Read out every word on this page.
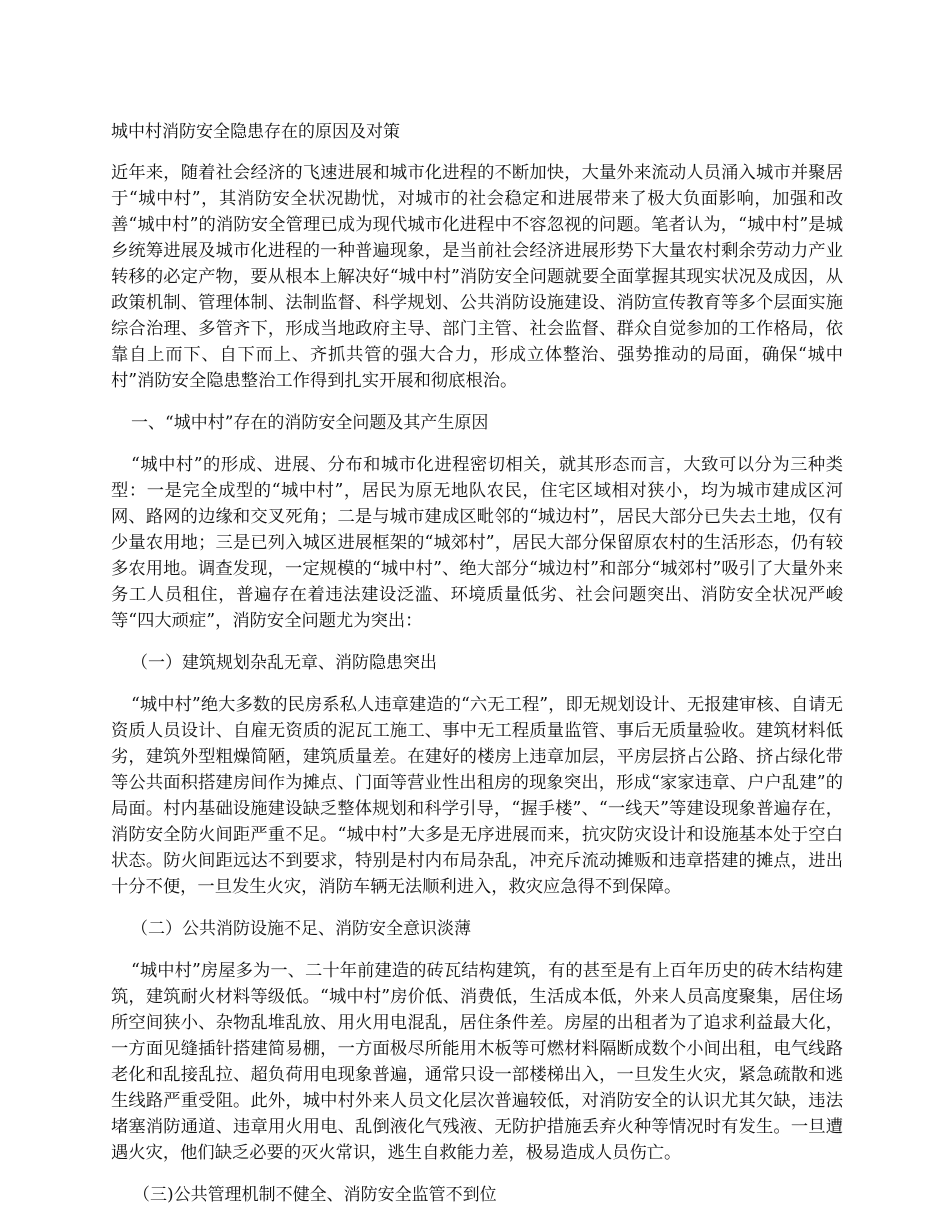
城中村消防安全隐患存在的原因及对策

近年来，随着社会经济的飞速进展和城市化进程的不断加快，大量外来流动人员涌入城市并聚居于“城中村”，其消防安全状况勘忧，对城市的社会稳定和进展带来了极大负面影响，加强和改善“城中村”的消防安全管理已成为现代城市化进程中不容忽视的问题。笔者认为，“城中村”是城乡统筹进展及城市化进程的一种普遍现象，是当前社会经济进展形势下大量农村剩余劳动力产业转移的必定产物，要从根本上解决好“城中村”消防安全问题就要全面掌握其现实状况及成因，从政策机制、管理体制、法制监督、科学规划、公共消防设施建设、消防宣传教育等多个层面实施综合治理、多管齐下，形成当地政府主导、部门主管、社会监督、群众自觉参加的工作格局，依靠自上而下、自下而上、齐抓共管的强大合力，形成立体整治、强势推动的局面，确保“城中村”消防安全隐患整治工作得到扎实开展和彻底根治。

一、“城中村”存在的消防安全问题及其产生原因

“城中村”的形成、进展、分布和城市化进程密切相关，就其形态而言，大致可以分为三种类型：一是完全成型的“城中村”，居民为原无地队农民，住宅区域相对狭小，均为城市建成区河网、路网的边缘和交叉死角；二是与城市建成区毗邻的“城边村”，居民大部分已失去土地，仅有少量农用地；三是已列入城区进展框架的“城郊村”，居民大部分保留原农村的生活形态，仍有较多农用地。调查发现，一定规模的“城中村”、绝大部分“城边村”和部分“城郊村”吸引了大量外来务工人员租住，普遍存在着违法建设泛滥、环境质量低劣、社会问题突出、消防安全状况严峻等“四大顽症”，消防安全问题尤为突出：

（一）建筑规划杂乱无章、消防隐患突出

“城中村”绝大多数的民房系私人违章建造的“六无工程”，即无规划设计、无报建审核、自请无资质人员设计、自雇无资质的泥瓦工施工、事中无工程质量监管、事后无质量验收。建筑材料低劣，建筑外型粗燥简陋，建筑质量差。在建好的楼房上违章加层，平房层挤占公路、挤占绿化带等公共面积搭建房间作为摊点、门面等营业性出租房的现象突出，形成“家家违章、户户乱建”的局面。村内基础设施建设缺乏整体规划和科学引导，“握手楼”、“一线天”等建设现象普遍存在，消防安全防火间距严重不足。“城中村”大多是无序进展而来，抗灾防灾设计和设施基本处于空白状态。防火间距远达不到要求，特别是村内布局杂乱，冲充斥流动摊贩和违章搭建的摊点，进出十分不便，一旦发生火灾，消防车辆无法顺利进入，救灾应急得不到保障。

（二）公共消防设施不足、消防安全意识淡薄

“城中村”房屋多为一、二十年前建造的砖瓦结构建筑，有的甚至是有上百年历史的砖木结构建筑，建筑耐火材料等级低。“城中村”房价低、消费低，生活成本低，外来人员高度聚集，居住场所空间狭小、杂物乱堆乱放、用火用电混乱，居住条件差。房屋的出租者为了追求利益最大化，一方面见缝插针搭建简易棚，一方面极尽所能用木板等可燃材料隔断成数个小间出租，电气线路老化和乱接乱拉、超负荷用电现象普遍，通常只设一部楼梯出入，一旦发生火灾，紧急疏散和逃生线路严重受阻。此外，城中村外来人员文化层次普遍较低，对消防安全的认识尤其欠缺，违法堵塞消防通道、违章用火用电、乱倒液化气残液、无防护措施丢弃火种等情况时有发生。一旦遭遇火灾，他们缺乏必要的灭火常识，逃生自救能力差，极易造成人员伤亡。

（三)公共管理机制不健全、消防安全监管不到位
